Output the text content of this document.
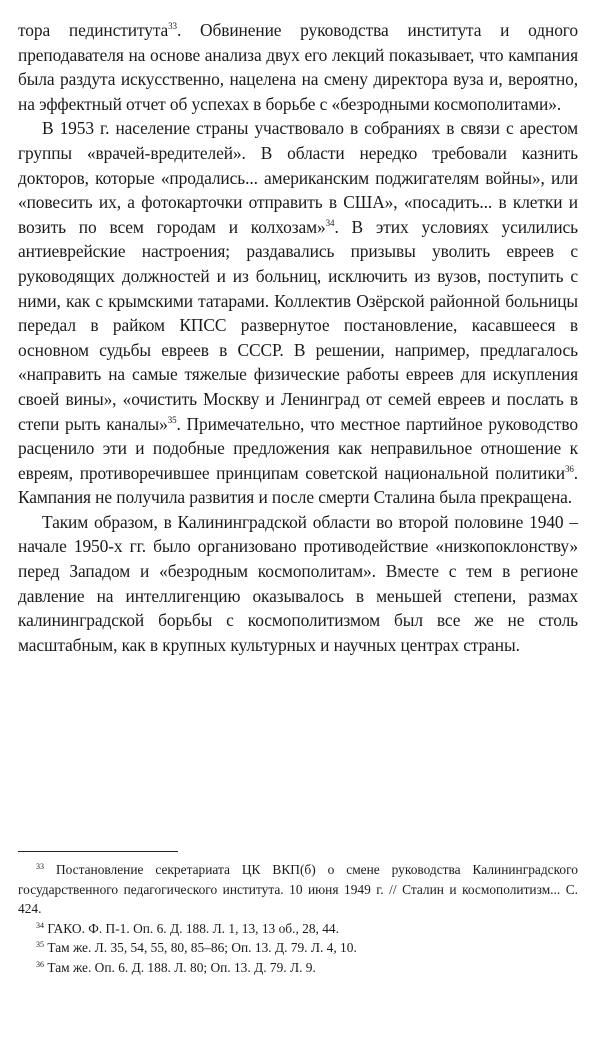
тора пединститута$^{33}$. Обвинение руководства института и одного преподавателя на основе анализа двух его лекций показывает, что кампания была раздута искусственно, нацелена на смену директора вуза и, вероятно, на эффектный отчет об успехах в борьбе с «безродными космополитами».

В 1953 г. население страны участвовало в собраниях в связи с арестом группы «врачей-вредителей». В области нередко требовали казнить докторов, которые «продались... американским поджигателям войны», или «повесить их, а фотокарточки отправить в США», «посадить... в клетки и возить по всем городам и колхозам»$^{34}$. В этих условиях усилились антиеврейские настроения; раздавались призывы уволить евреев с руководящих должностей и из больниц, исключить из вузов, поступить с ними, как с крымскими татарами. Коллектив Озёрской районной больницы передал в райком КПСС развернутое постановление, касавшееся в основном судьбы евреев в СССР. В решении, например, предлагалось «направить на самые тяжелые физические работы евреев для искупления своей вины», «очистить Москву и Ленинград от семей евреев и послать в степи рыть каналы»$^{35}$. Примечательно, что местное партийное руководство расценило эти и подобные предложения как неправильное отношение к евреям, противоречившее принципам советской национальной политики$^{36}$. Кампания не получила развития и после смерти Сталина была прекращена.

Таким образом, в Калининградской области во второй половине 1940 – начале 1950-х гг. было организовано противодействие «низкопоклонству» перед Западом и «безродным космополитам». Вместе с тем в регионе давление на интеллигенцию оказывалось в меньшей степени, размах калининградской борьбы с космополитизмом был все же не столь масштабным, как в крупных культурных и научных центрах страны.

$^{33}$ Постановление секретариата ЦК ВКП(б) о смене руководства Калининградского государственного педагогического института. 10 июня 1949 г. // Сталин и космополитизм... С. 424.

$^{34}$ ГАКО. Ф. П-1. Оп. 6. Д. 188. Л. 1, 13, 13 об., 28, 44.

$^{35}$ Там же. Л. 35, 54, 55, 80, 85–86; Оп. 13. Д. 79. Л. 4, 10.

$^{36}$ Там же. Оп. 6. Д. 188. Л. 80; Оп. 13. Д. 79. Л. 9.
